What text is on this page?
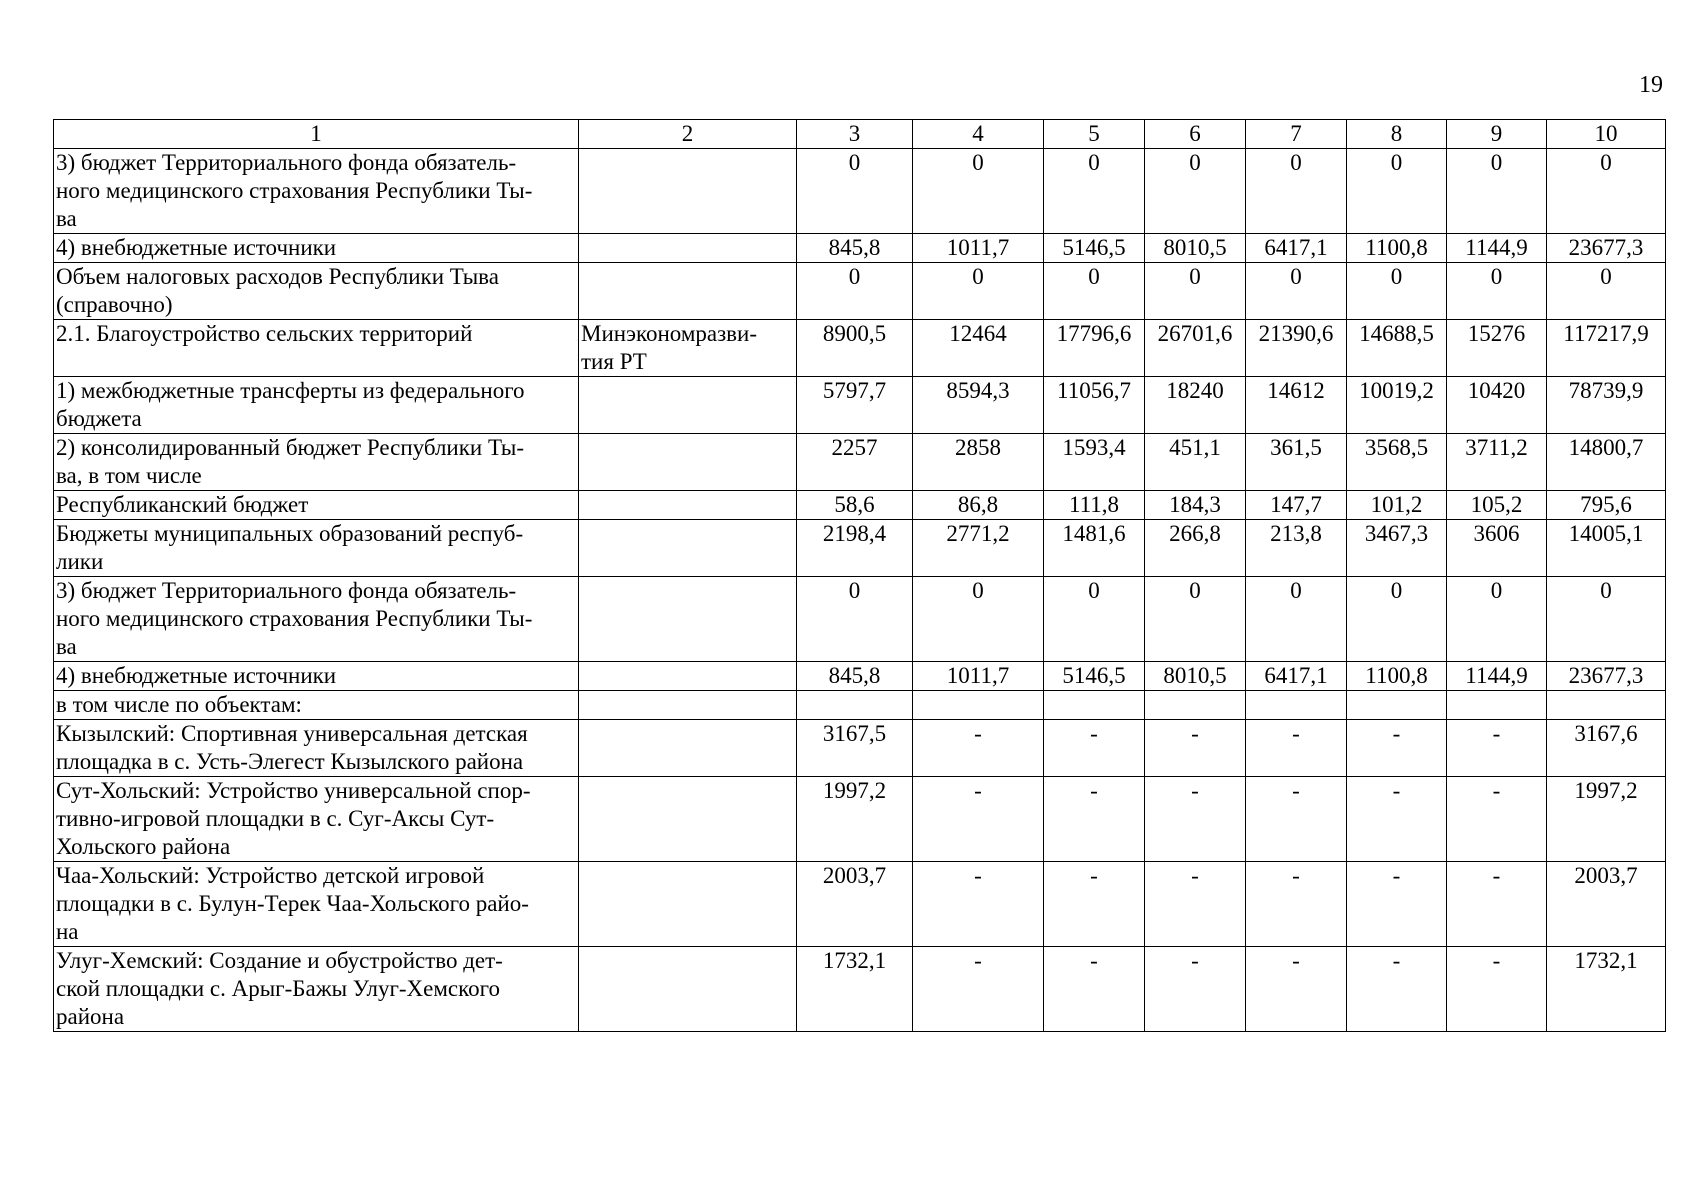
19
1	2	3	4	5	6	7	8	9	10
3) бюджет Территориального фонда обязатель-
ного медицинского страхования Республики Ты-
ва		0	0	0	0	0	0	0	0
4) внебюджетные источники		845,8	1011,7	5146,5	8010,5	6417,1	1100,8	1144,9	23677,3
Объем налоговых расходов Республики Тыва
(справочно)		0	0	0	0	0	0	0	0
2.1. Благоустройство сельских территорий	Минэкономразви-
тия РТ	8900,5	12464	17796,6	26701,6	21390,6	14688,5	15276	117217,9
1) межбюджетные трансферты из федерального
бюджета		5797,7	8594,3	11056,7	18240	14612	10019,2	10420	78739,9
2) консолидированный бюджет Республики Ты-
ва, в том числе		2257	2858	1593,4	451,1	361,5	3568,5	3711,2	14800,7
Республиканский бюджет		58,6	86,8	111,8	184,3	147,7	101,2	105,2	795,6
Бюджеты муниципальных образований респуб-
лики		2198,4	2771,2	1481,6	266,8	213,8	3467,3	3606	14005,1
3) бюджет Территориального фонда обязатель-
ного медицинского страхования Республики Ты-
ва		0	0	0	0	0	0	0	0
4) внебюджетные источники		845,8	1011,7	5146,5	8010,5	6417,1	1100,8	1144,9	23677,3
в том числе по объектам:									
Кызылский: Спортивная универсальная детская
площадка в с. Усть-Элегест Кызылского района		3167,5	-	-	-	-	-	-	3167,6
Сут-Хольский: Устройство универсальной спор-
тивно-игровой площадки в с. Суг-Аксы Сут-
Хольского района		1997,2	-	-	-	-	-	-	1997,2
Чаа-Хольский: Устройство детской игровой
площадки в с. Булун-Терек Чаа-Хольского райо-
на		2003,7	-	-	-	-	-	-	2003,7
Улуг-Хемский: Создание и обустройство дет-
ской площадки с. Арыг-Бажы Улуг-Хемского
района		1732,1	-	-	-	-	-	-	1732,1
